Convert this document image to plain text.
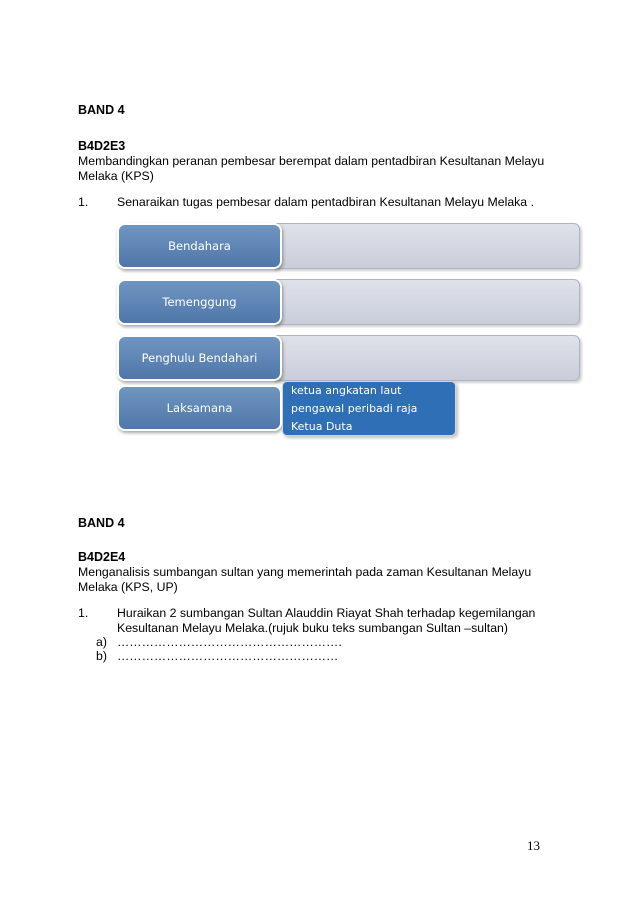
BAND 4
B4D2E3
Membandingkan peranan pembesar berempat dalam pentadbiran Kesultanan Melayu
Melaka (KPS)
1. Senaraikan tugas pembesar dalam pentadbiran Kesultanan Melayu Melaka .
Bendahara
Temenggung
Penghulu Bendahari
Laksamana
ketua angkatan laut
pengawal peribadi raja
Ketua Duta
BAND 4
B4D2E4
Menganalisis sumbangan sultan yang memerintah pada zaman Kesultanan Melayu
Melaka (KPS, UP)
1. Huraikan 2 sumbangan Sultan Alauddin Riayat Shah terhadap kegemilangan
Kesultanan Melayu Melaka.(rujuk buku teks sumbangan Sultan –sultan)
a) ……………………………………………….
b) ………………………………………………
13
